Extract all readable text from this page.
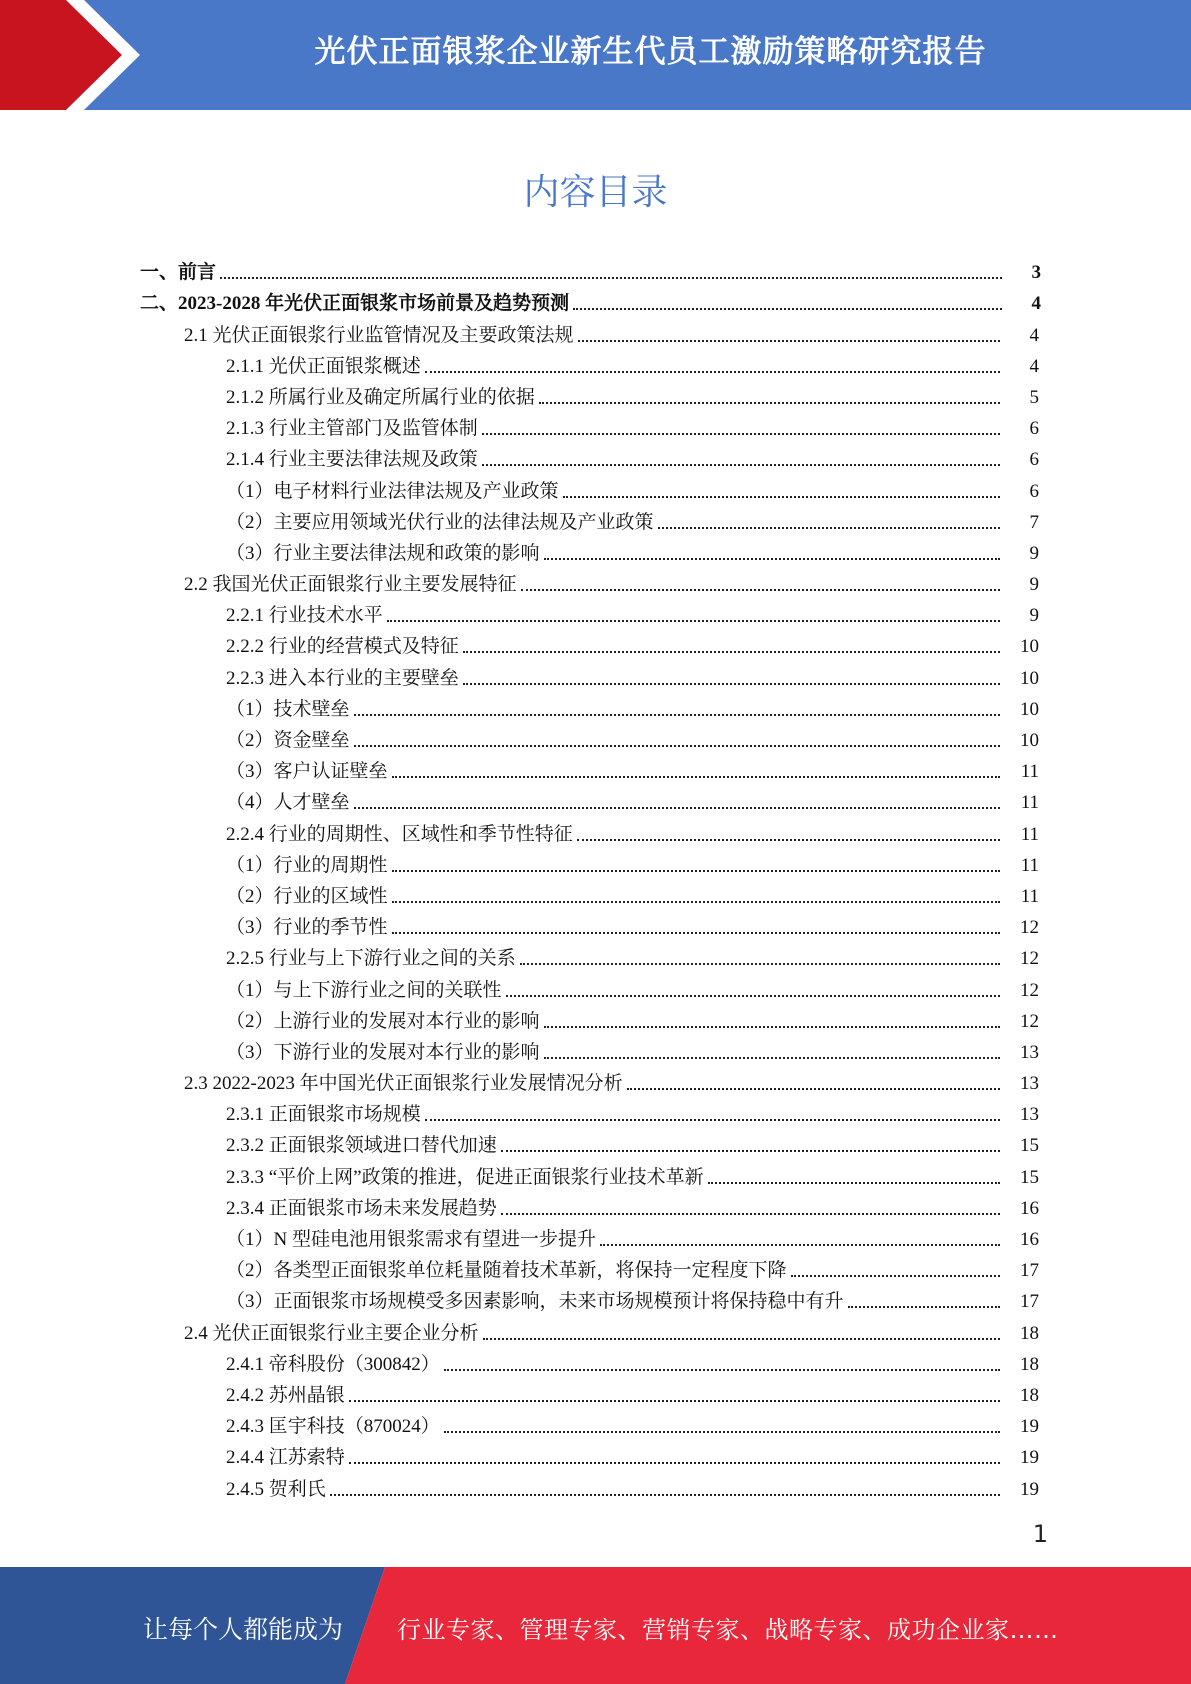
光伏正面银浆企业新生代员工激励策略研究报告
内容目录
一、前言	3
二、2023-2028 年光伏正面银浆市场前景及趋势预测	4
2.1 光伏正面银浆行业监管情况及主要政策法规	4
2.1.1 光伏正面银浆概述	4
2.1.2 所属行业及确定所属行业的依据	5
2.1.3 行业主管部门及监管体制	6
2.1.4 行业主要法律法规及政策	6
（1）电子材料行业法律法规及产业政策	6
（2）主要应用领域光伏行业的法律法规及产业政策	7
（3）行业主要法律法规和政策的影响	9
2.2 我国光伏正面银浆行业主要发展特征	9
2.2.1 行业技术水平	9
2.2.2 行业的经营模式及特征	10
2.2.3 进入本行业的主要壁垒	10
（1）技术壁垒	10
（2）资金壁垒	10
（3）客户认证壁垒	11
（4）人才壁垒	11
2.2.4 行业的周期性、区域性和季节性特征	11
（1）行业的周期性	11
（2）行业的区域性	11
（3）行业的季节性	12
2.2.5 行业与上下游行业之间的关系	12
（1）与上下游行业之间的关联性	12
（2）上游行业的发展对本行业的影响	12
（3）下游行业的发展对本行业的影响	13
2.3 2022-2023 年中国光伏正面银浆行业发展情况分析	13
2.3.1 正面银浆市场规模	13
2.3.2 正面银浆领域进口替代加速	15
2.3.3 “平价上网”政策的推进，促进正面银浆行业技术革新	15
2.3.4 正面银浆市场未来发展趋势	16
（1）N 型硅电池用银浆需求有望进一步提升	16
（2）各类型正面银浆单位耗量随着技术革新，将保持一定程度下降	17
（3）正面银浆市场规模受多因素影响，未来市场规模预计将保持稳中有升	17
2.4 光伏正面银浆行业主要企业分析	18
2.4.1 帝科股份（300842）	18
2.4.2 苏州晶银	18
2.4.3 匡宇科技（870024）	19
2.4.4 江苏索特	19
2.4.5 贺利氏	19
1
让每个人都能成为 行业专家、管理专家、营销专家、战略专家、成功企业家……
